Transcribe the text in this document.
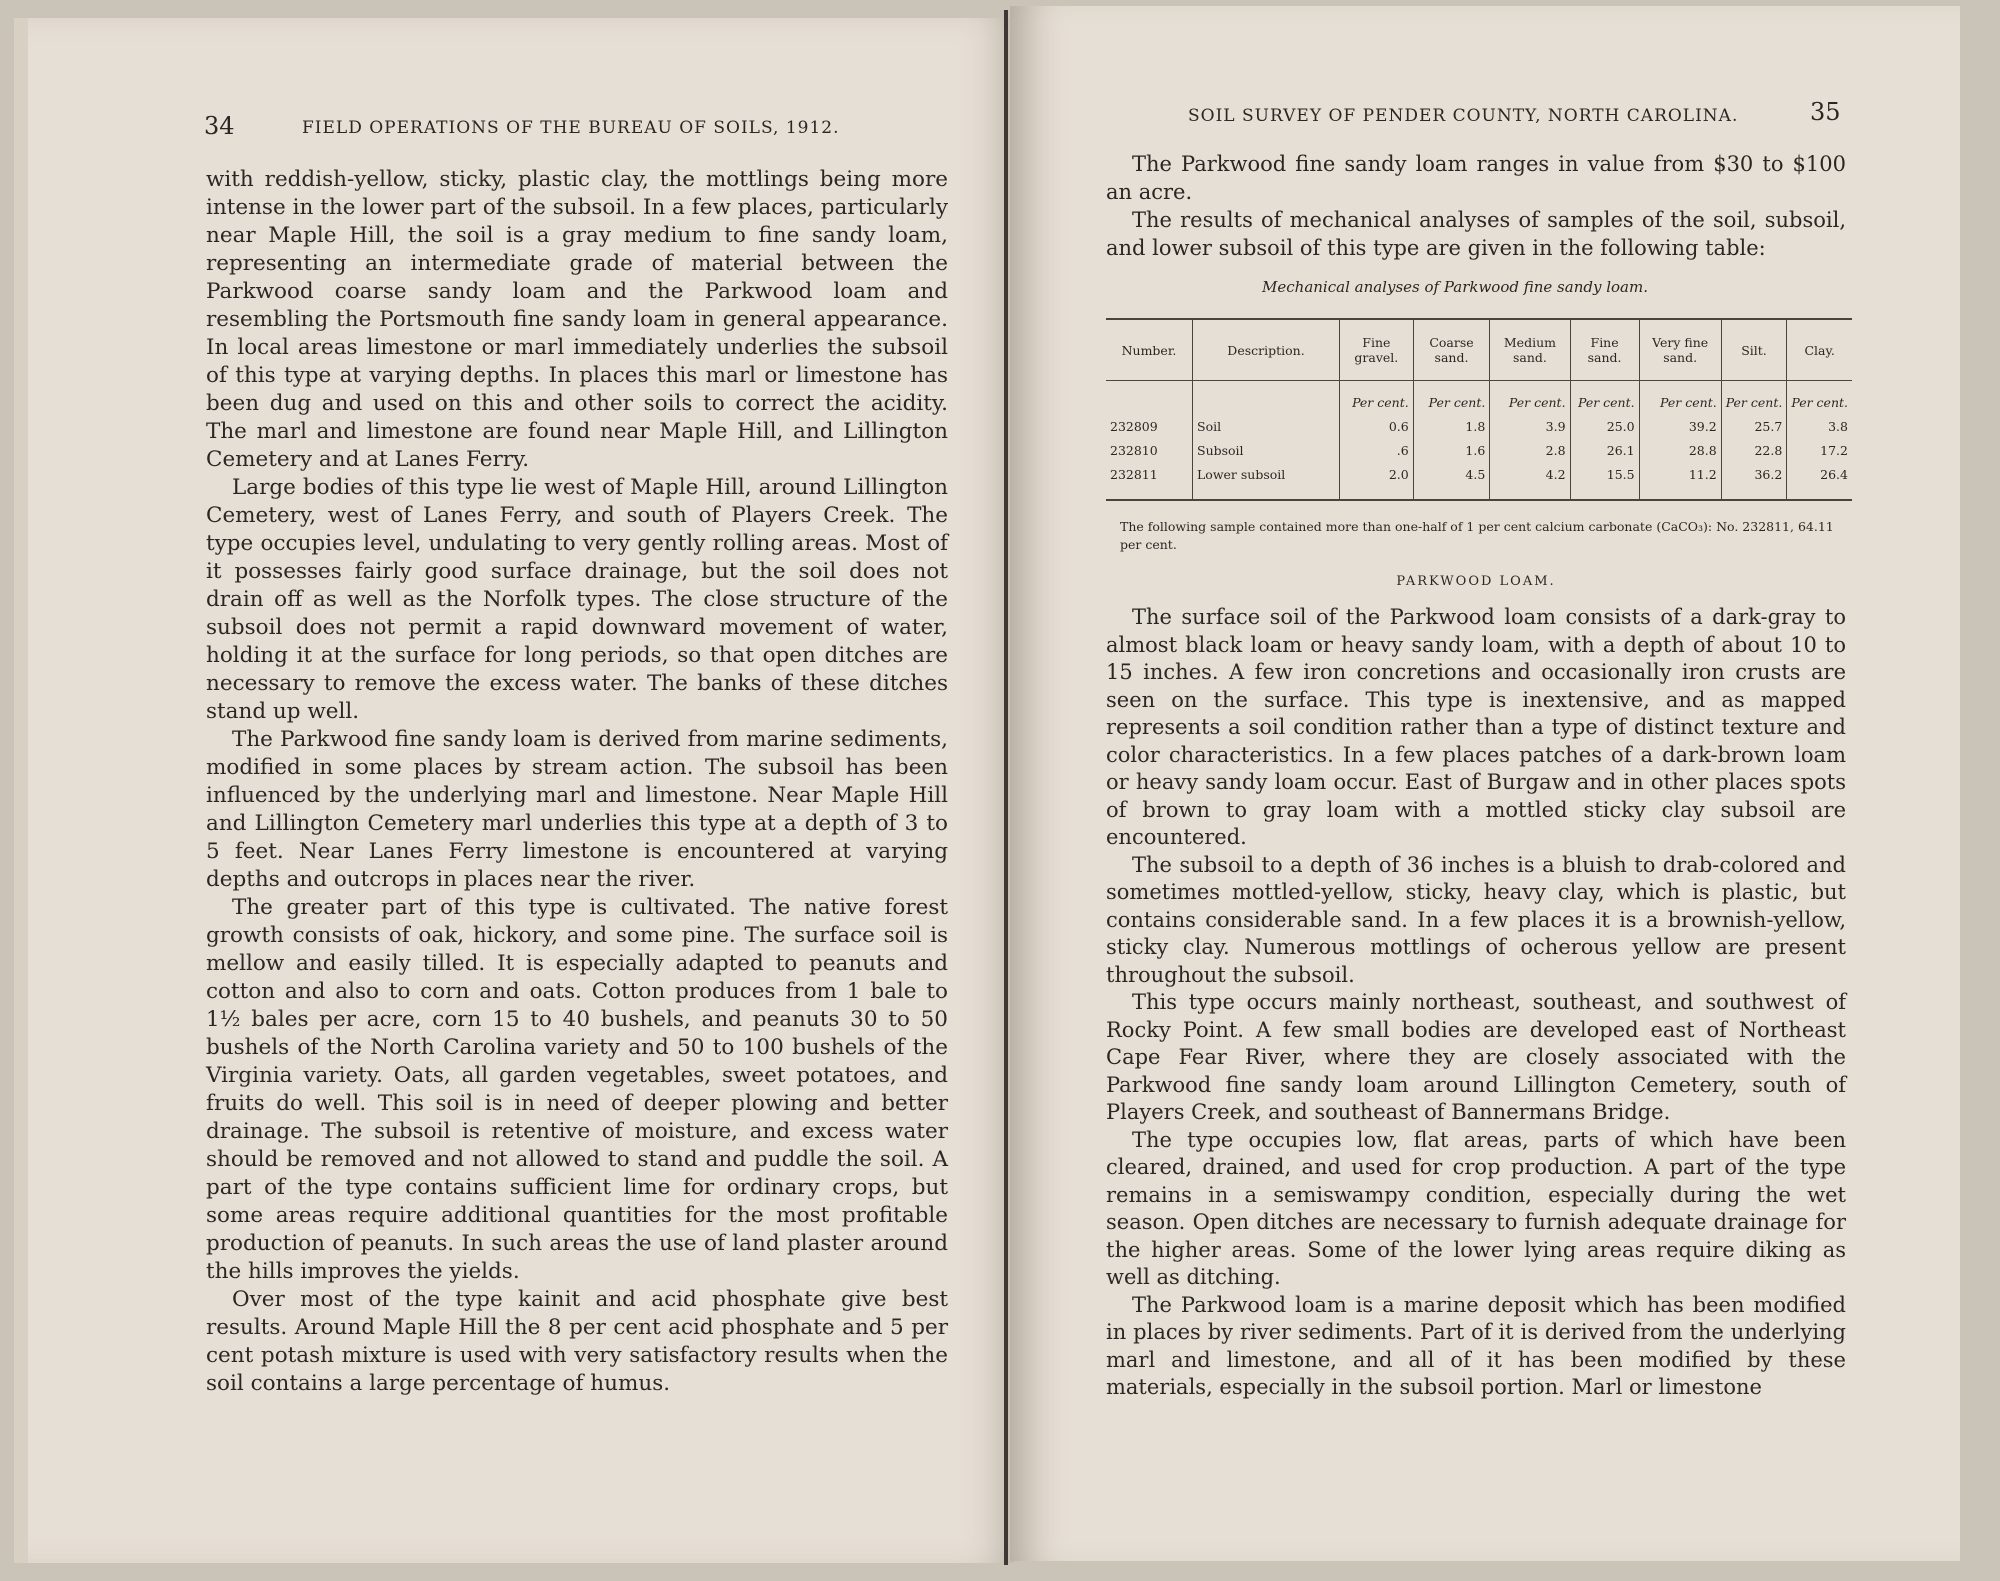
34	FIELD OPERATIONS OF THE BUREAU OF SOILS, 1912.

with reddish-yellow, sticky, plastic clay, the mottlings being more intense in the lower part of the subsoil. In a few places, particularly near Maple Hill, the soil is a gray medium to fine sandy loam, representing an intermediate grade of material between the Parkwood coarse sandy loam and the Parkwood loam and resembling the Portsmouth fine sandy loam in general appearance. In local areas limestone or marl immediately underlies the subsoil of this type at varying depths. In places this marl or limestone has been dug and used on this and other soils to correct the acidity. The marl and limestone are found near Maple Hill, and Lillington Cemetery and at Lanes Ferry.

Large bodies of this type lie west of Maple Hill, around Lillington Cemetery, west of Lanes Ferry, and south of Players Creek. The type occupies level, undulating to very gently rolling areas. Most of it possesses fairly good surface drainage, but the soil does not drain off as well as the Norfolk types. The close structure of the subsoil does not permit a rapid downward movement of water, holding it at the surface for long periods, so that open ditches are necessary to remove the excess water. The banks of these ditches stand up well.

The Parkwood fine sandy loam is derived from marine sediments, modified in some places by stream action. The subsoil has been influenced by the underlying marl and limestone. Near Maple Hill and Lillington Cemetery marl underlies this type at a depth of 3 to 5 feet. Near Lanes Ferry limestone is encountered at varying depths and outcrops in places near the river.

The greater part of this type is cultivated. The native forest growth consists of oak, hickory, and some pine. The surface soil is mellow and easily tilled. It is especially adapted to peanuts and cotton and also to corn and oats. Cotton produces from 1 bale to 1½ bales per acre, corn 15 to 40 bushels, and peanuts 30 to 50 bushels of the North Carolina variety and 50 to 100 bushels of the Virginia variety. Oats, all garden vegetables, sweet potatoes, and fruits do well. This soil is in need of deeper plowing and better drainage. The subsoil is retentive of moisture, and excess water should be removed and not allowed to stand and puddle the soil. A part of the type contains sufficient lime for ordinary crops, but some areas require additional quantities for the most profitable production of peanuts. In such areas the use of land plaster around the hills improves the yields.

Over most of the type kainit and acid phosphate give best results. Around Maple Hill the 8 per cent acid phosphate and 5 per cent potash mixture is used with very satisfactory results when the soil contains a large percentage of humus.

SOIL SURVEY OF PENDER COUNTY, NORTH CAROLINA.	35

The Parkwood fine sandy loam ranges in value from $30 to $100 an acre.

The results of mechanical analyses of samples of the soil, subsoil, and lower subsoil of this type are given in the following table:

Mechanical analyses of Parkwood fine sandy loam.
Number.	Description.	Fine gravel.	Coarse sand.	Medium sand.	Fine sand.	Very fine sand.	Silt.	Clay.
		Per cent.	Per cent.	Per cent.	Per cent.	Per cent.	Per cent.	Per cent.
232809	Soil	0.6	1.8	3.9	25.0	39.2	25.7	3.8
232810	Subsoil	.6	1.6	2.8	26.1	28.8	22.8	17.2
232811	Lower subsoil	2.0	4.5	4.2	15.5	11.2	36.2	26.4
The following sample contained more than one-half of 1 per cent calcium carbonate (CaCO₃): No. 232811, 64.11 per cent.
PARKWOOD LOAM.

The surface soil of the Parkwood loam consists of a dark-gray to almost black loam or heavy sandy loam, with a depth of about 10 to 15 inches. A few iron concretions and occasionally iron crusts are seen on the surface. This type is inextensive, and as mapped represents a soil condition rather than a type of distinct texture and color characteristics. In a few places patches of a dark-brown loam or heavy sandy loam occur. East of Burgaw and in other places spots of brown to gray loam with a mottled sticky clay subsoil are encountered.

The subsoil to a depth of 36 inches is a bluish to drab-colored and sometimes mottled-yellow, sticky, heavy clay, which is plastic, but contains considerable sand. In a few places it is a brownish-yellow, sticky clay. Numerous mottlings of ocherous yellow are present throughout the subsoil.

This type occurs mainly northeast, southeast, and southwest of Rocky Point. A few small bodies are developed east of Northeast Cape Fear River, where they are closely associated with the Parkwood fine sandy loam around Lillington Cemetery, south of Players Creek, and southeast of Bannermans Bridge.

The type occupies low, flat areas, parts of which have been cleared, drained, and used for crop production. A part of the type remains in a semiswampy condition, especially during the wet season. Open ditches are necessary to furnish adequate drainage for the higher areas. Some of the lower lying areas require diking as well as ditching.

The Parkwood loam is a marine deposit which has been modified in places by river sediments. Part of it is derived from the underlying marl and limestone, and all of it has been modified by these materials, especially in the subsoil portion. Marl or limestone
